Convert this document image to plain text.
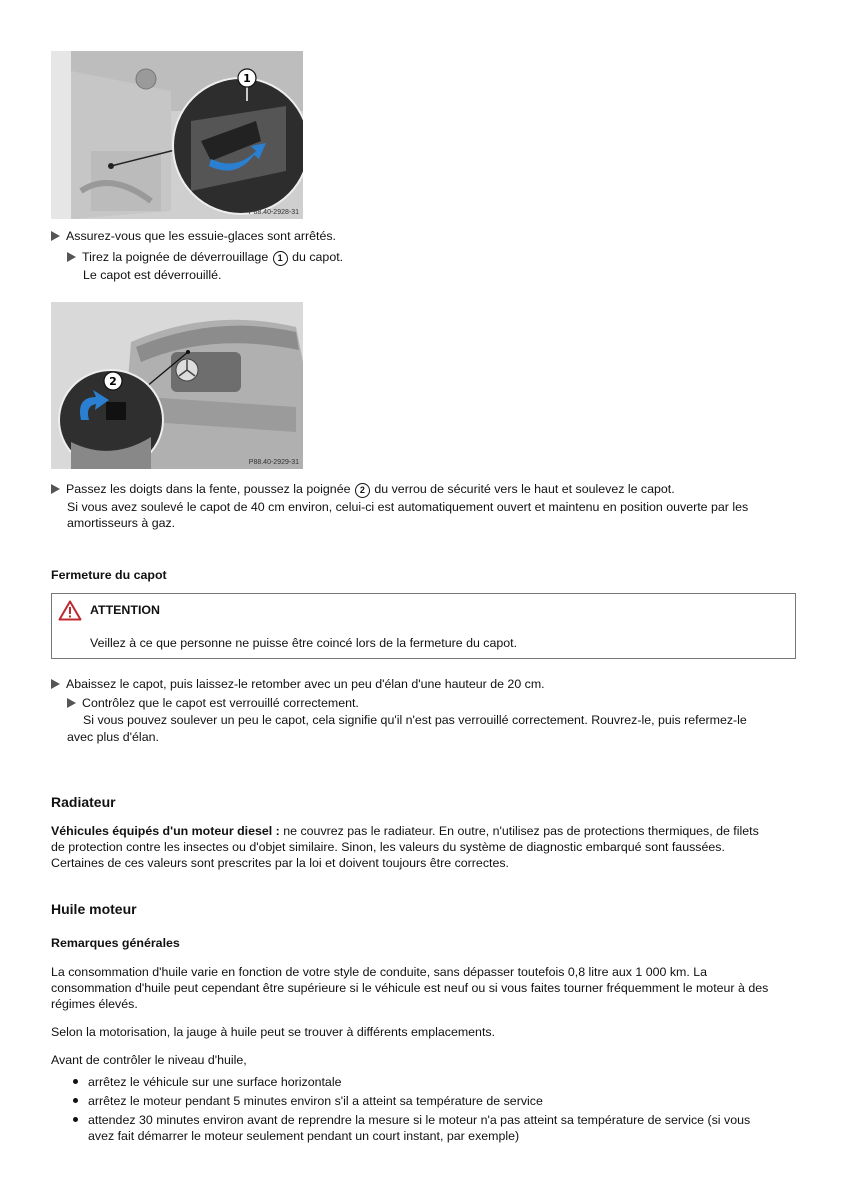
1
P88.40-2928-31
Assurez-vous que les essuie-glaces sont arrêtés.
Tirez la poignée de déverrouillage 1 du capot.
Le capot est déverrouillé.
2
P88.40-2929-31
Passez les doigts dans la fente, poussez la poignée 2 du verrou de sécurité vers le haut et soulevez le capot.
Si vous avez soulevé le capot de 40 cm environ, celui-ci est automatiquement ouvert et maintenu en position ouverte par les
amortisseurs à gaz.
Fermeture du capot
ATTENTION
Veillez à ce que personne ne puisse être coincé lors de la fermeture du capot.
Abaissez le capot, puis laissez-le retomber avec un peu d'élan d'une hauteur de 20 cm.
Contrôlez que le capot est verrouillé correctement.
Si vous pouvez soulever un peu le capot, cela signifie qu'il n'est pas verrouillé correctement. Rouvrez-le, puis refermez-le
avec plus d'élan.
Radiateur
Véhicules équipés d'un moteur diesel : ne couvrez pas le radiateur. En outre, n'utilisez pas de protections thermiques, de filets
de protection contre les insectes ou d'objet similaire. Sinon, les valeurs du système de diagnostic embarqué sont faussées.
Certaines de ces valeurs sont prescrites par la loi et doivent toujours être correctes.
Huile moteur
Remarques générales
La consommation d'huile varie en fonction de votre style de conduite, sans dépasser toutefois 0,8 litre aux 1 000 km. La
consommation d'huile peut cependant être supérieure si le véhicule est neuf ou si vous faites tourner fréquemment le moteur à des
régimes élevés.
Selon la motorisation, la jauge à huile peut se trouver à différents emplacements.
Avant de contrôler le niveau d'huile,
arrêtez le véhicule sur une surface horizontale
arrêtez le moteur pendant 5 minutes environ s'il a atteint sa température de service
attendez 30 minutes environ avant de reprendre la mesure si le moteur n'a pas atteint sa température de service (si vous
avez fait démarrer le moteur seulement pendant un court instant, par exemple)
